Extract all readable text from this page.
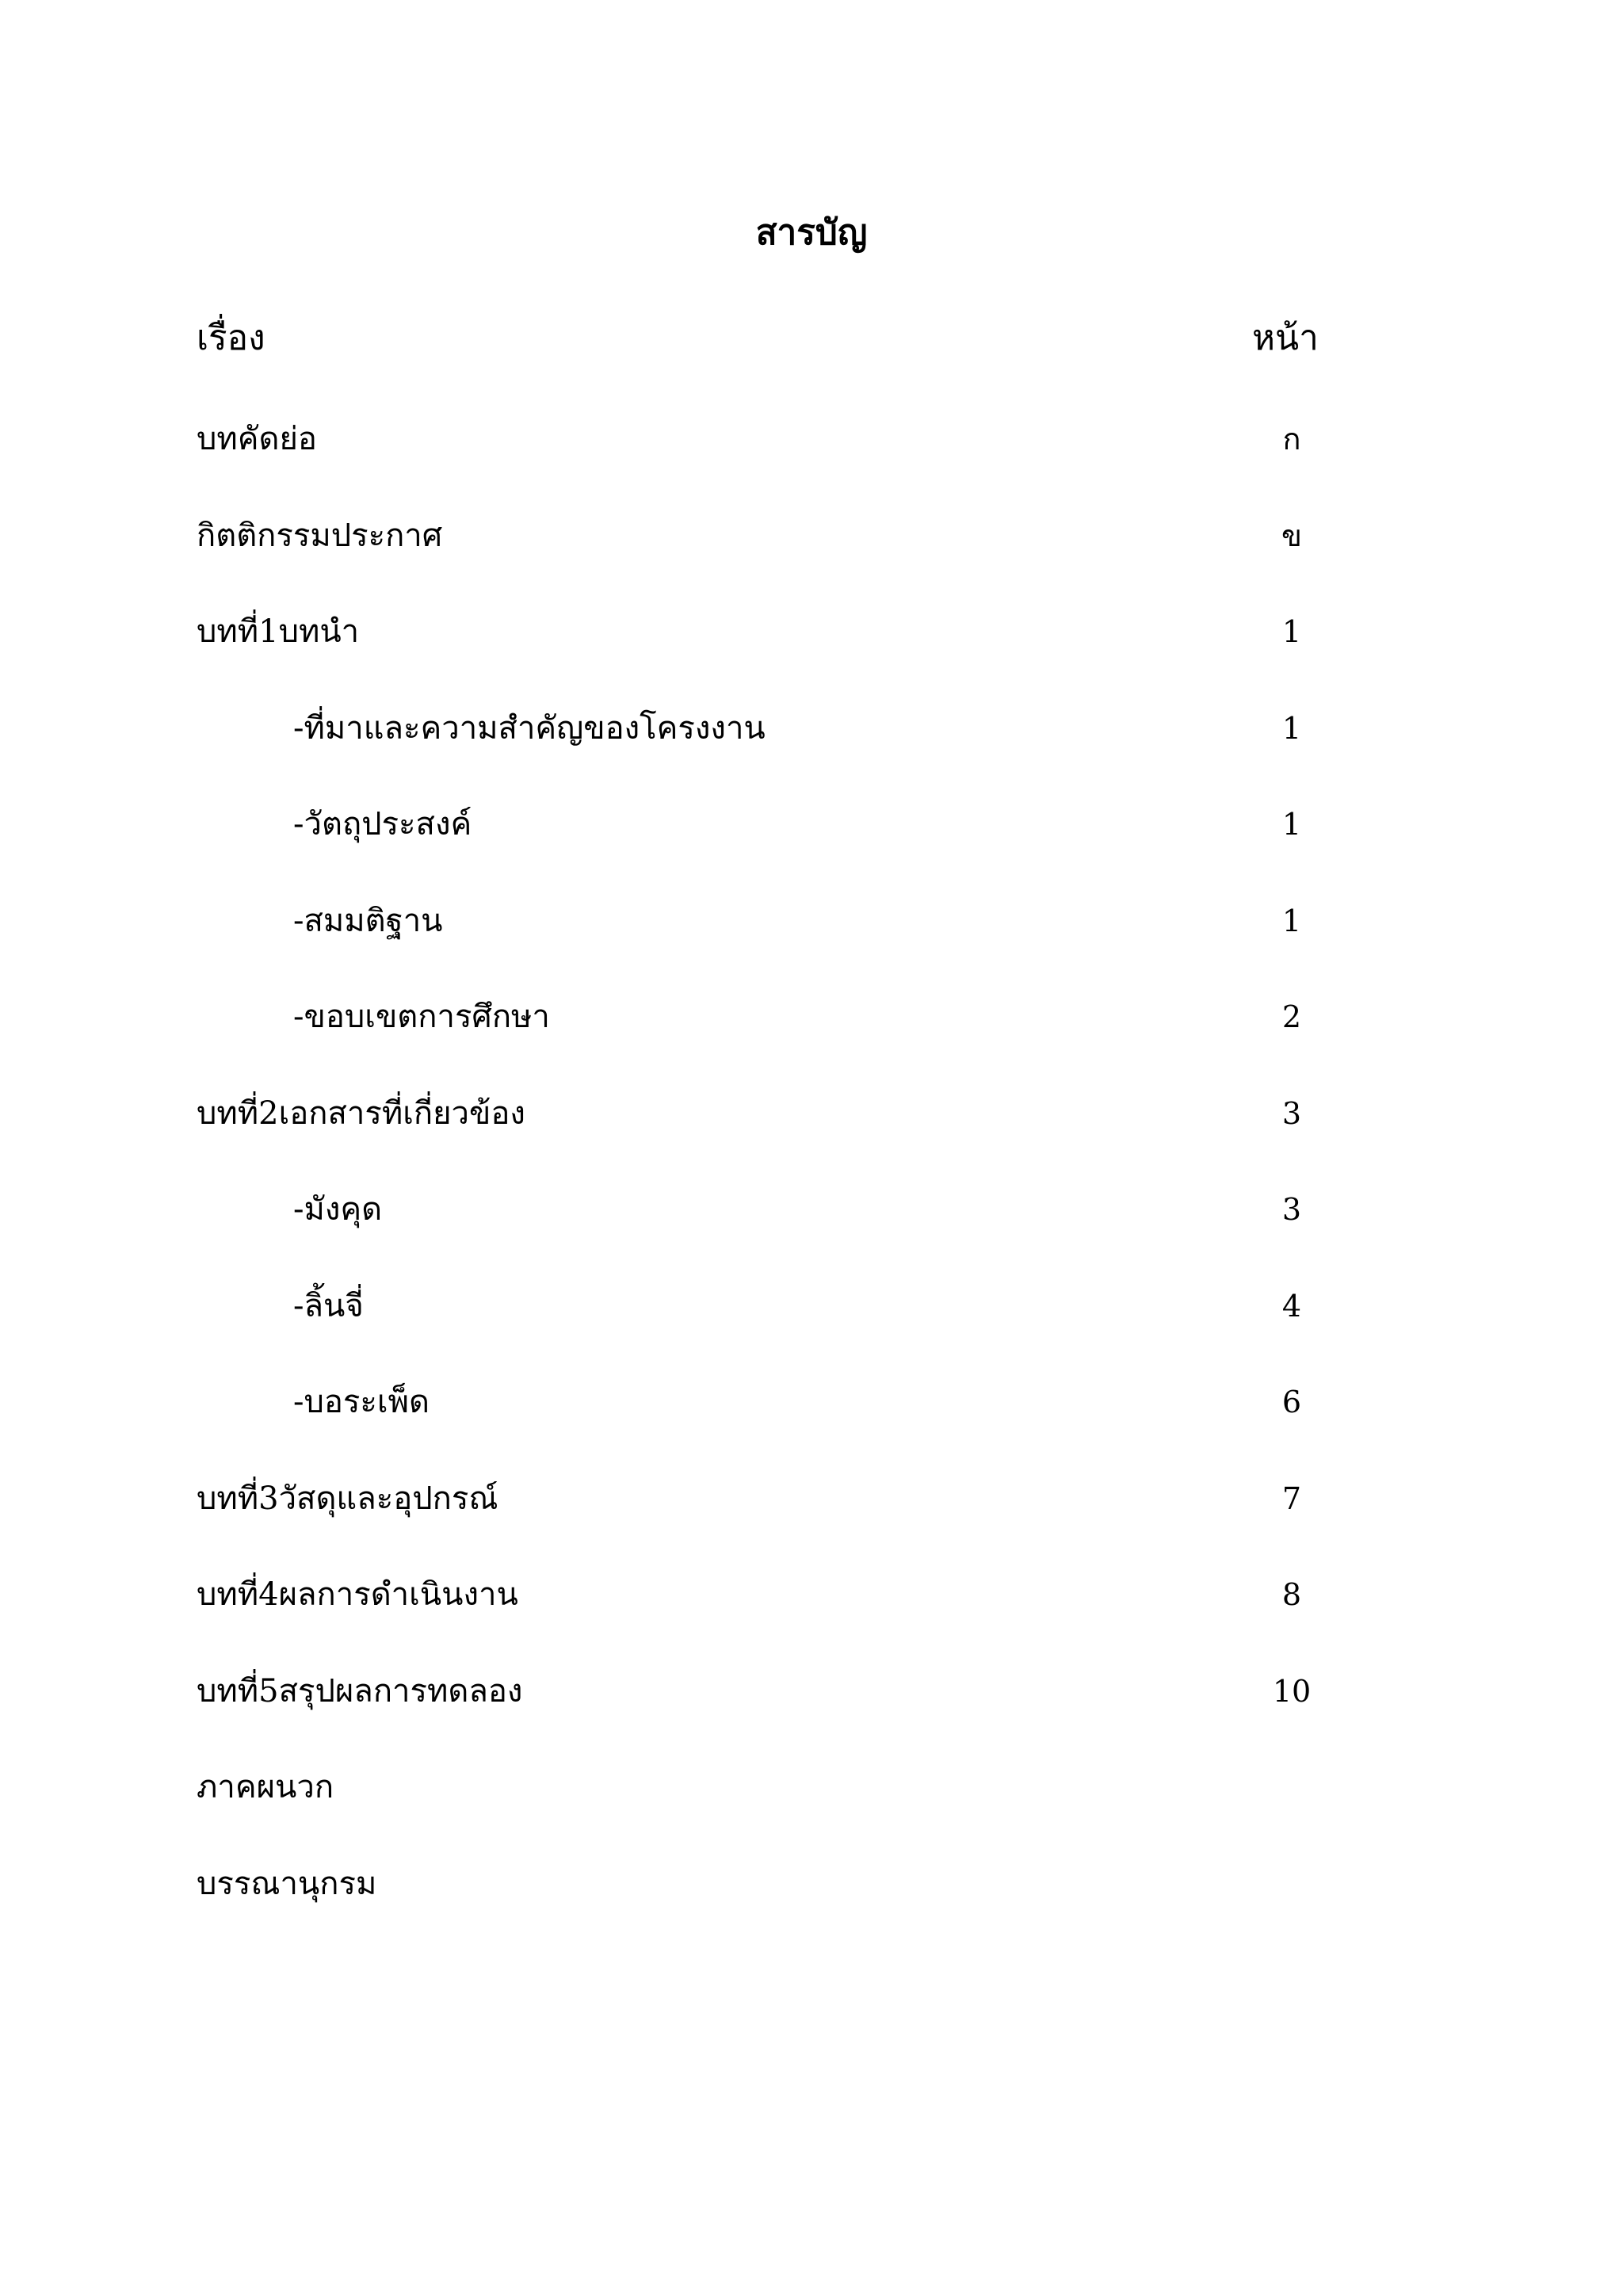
สารบัญ
เรื่อง	หน้า
บทคัดย่อ	ก
กิตติกรรมประกาศ	ข
บทที่1บทนำ	1
-ที่มาและความสำคัญของโครงงาน	1
-วัตถุประสงค์	1
-สมมติฐาน	1
-ขอบเขตการศึกษา	2
บทที่2เอกสารที่เกี่ยวข้อง	3
-มังคุด	3
-ลิ้นจี่	4
-บอระเพ็ด	6
บทที่3วัสดุและอุปกรณ์	7
บทที่4ผลการดำเนินงาน	8
บทที่5สรุปผลการทดลอง	10
ภาคผนวก
บรรณานุกรม
